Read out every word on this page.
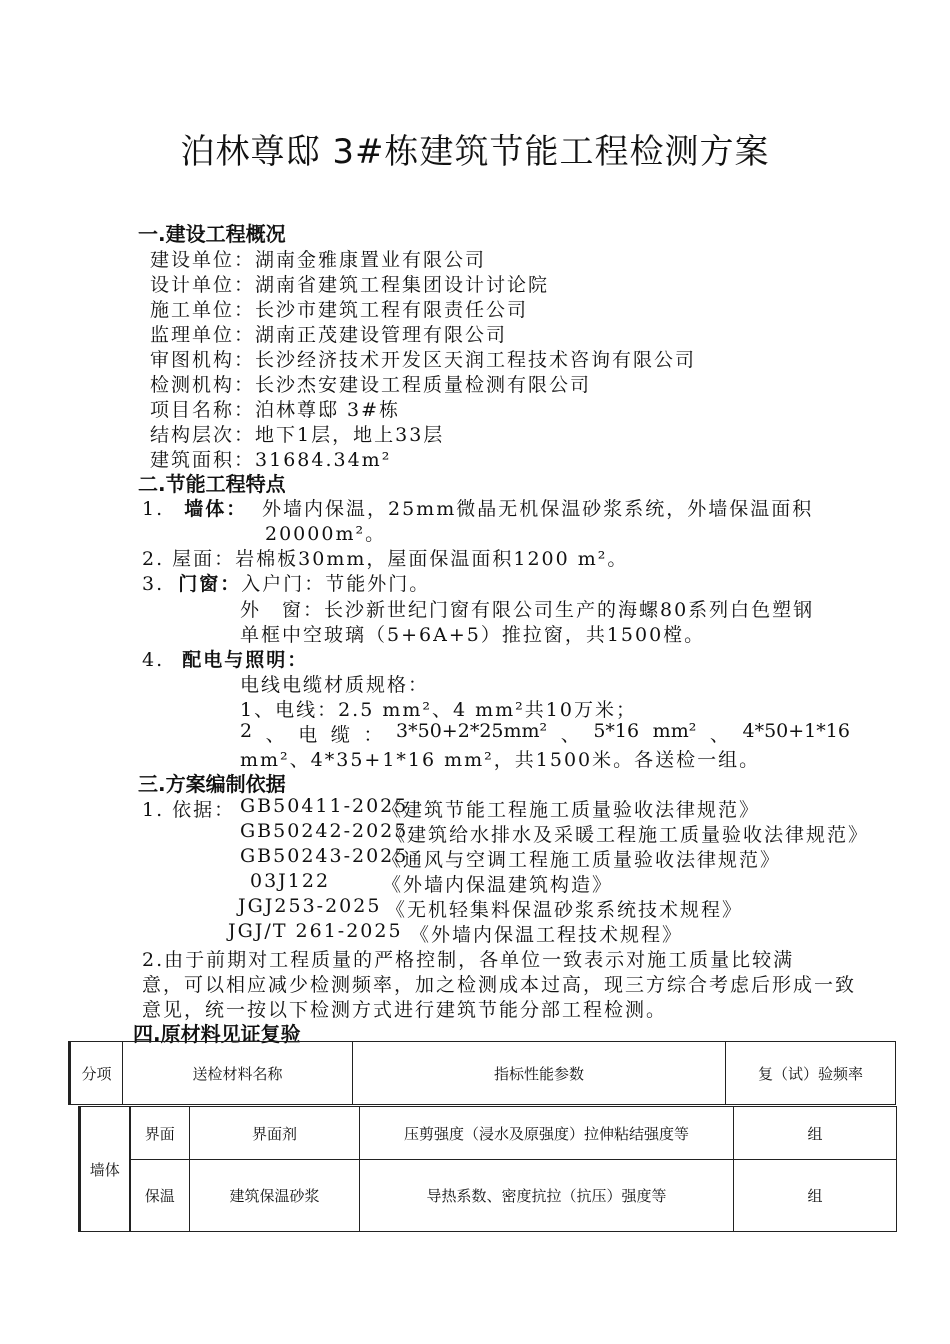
泊林尊邸 3#栋建筑节能工程检测方案
一.建设工程概况
建设单位：湖南金雅康置业有限公司
设计单位：湖南省建筑工程集团设计讨论院
施工单位：长沙市建筑工程有限责任公司
监理单位：湖南正茂建设管理有限公司
审图机构：长沙经济技术开发区天润工程技术咨询有限公司
检测机构：长沙杰安建设工程质量检测有限公司
项目名称：泊林尊邸 3#栋
结构层次：地下1层，地上33层
建筑面积：31684.34m²
二.节能工程特点
1. 墙体： 外墙内保温，25mm微晶无机保温砂浆系统，外墙保温面积
20000m²。
2. 屋面：岩棉板30mm，屋面保温面积1200 m²。
3. 门窗：入户门：节能外门。
外　窗：长沙新世纪门窗有限公司生产的海螺80系列白色塑钢
单框中空玻璃（5+6A+5）推拉窗，共1500樘。
4. 配电与照明：
电线电缆材质规格：
1、电线：2.5 mm²、4 mm²共10万米；
2 、 电 缆 ： 3*50+2*25mm² 、 5*16 mm² 、 4*50+1*16
mm²、4*35+1*16 mm²，共1500米。各送检一组。
三.方案编制依据
1. 依据： GB50411-2025
《建筑节能工程施工质量验收法律规范》
GB50242-2025
《建筑给水排水及采暖工程施工质量验收法律规范》
GB50243-2025
《通风与空调工程施工质量验收法律规范》
03J122	《外墙内保温建筑构造》
JGJ253-2025 《无机轻集料保温砂浆系统技术规程》
JGJ/T 261-2025 《外墙内保温工程技术规程》
2.由于前期对工程质量的严格控制，各单位一致表示对施工质量比较满
意，可以相应减少检测频率，加之检测成本过高，现三方综合考虑后形成一致
意见，统一按以下检测方式进行建筑节能分部工程检测。
四.原材料见证复验
分项	送检材料名称	指标性能参数	复（试）验频率
墙体	界面	界面剂	压剪强度（浸水及原强度）拉伸粘结强度等	组
	保温	建筑保温砂浆	导热系数、密度抗拉（抗压）强度等	组
